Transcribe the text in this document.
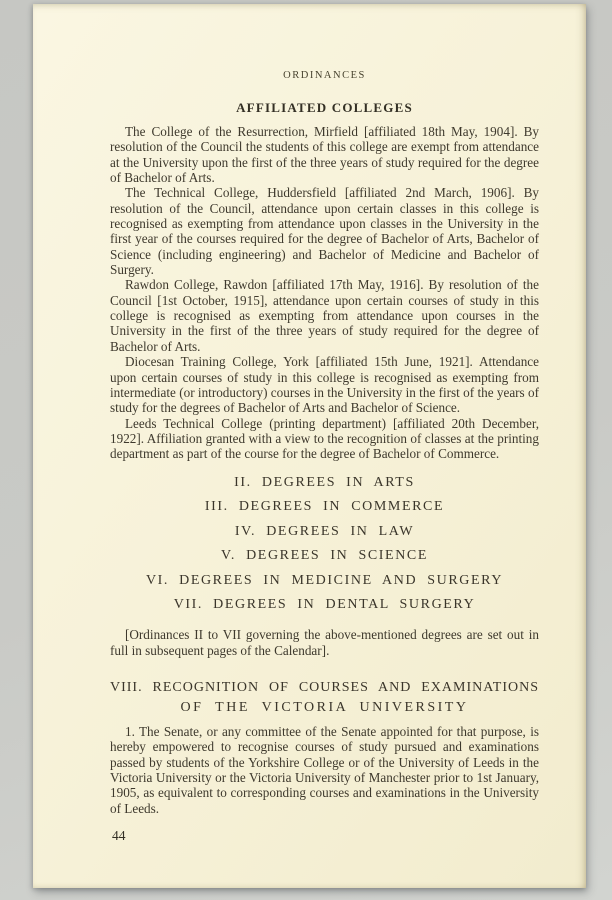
ORDINANCES
AFFILIATED COLLEGES

The College of the Resurrection, Mirfield [affiliated 18th May, 1904]. By resolution of the Council the students of this college are exempt from attendance at the University upon the first of the three years of study required for the degree of Bachelor of Arts.

The Technical College, Huddersfield [affiliated 2nd March, 1906]. By resolution of the Council, attendance upon certain classes in this college is recognised as exempting from attendance upon classes in the University in the first year of the courses required for the degree of Bachelor of Arts, Bachelor of Science (including engineering) and Bachelor of Medicine and Bachelor of Surgery.

Rawdon College, Rawdon [affiliated 17th May, 1916]. By resolution of the Council [1st October, 1915], attendance upon certain courses of study in this college is recognised as exempting from attendance upon courses in the University in the first of the three years of study required for the degree of Bachelor of Arts.

Diocesan Training College, York [affiliated 15th June, 1921]. Attendance upon certain courses of study in this college is recognised as exempting from intermediate (or introductory) courses in the University in the first of the years of study for the degrees of Bachelor of Arts and Bachelor of Science.

Leeds Technical College (printing department) [affiliated 20th December, 1922]. Affiliation granted with a view to the recognition of classes at the printing department as part of the course for the degree of Bachelor of Commerce.

II. DEGREES IN ARTS
III. DEGREES IN COMMERCE
IV. DEGREES IN LAW
V. DEGREES IN SCIENCE
VI. DEGREES IN MEDICINE AND SURGERY
VII. DEGREES IN DENTAL SURGERY

[Ordinances II to VII governing the above-mentioned degrees are set out in full in subsequent pages of the Calendar].

VIII. RECOGNITION OF COURSES AND EXAMINATIONS
OF THE VICTORIA UNIVERSITY

1. The Senate, or any committee of the Senate appointed for that purpose, is hereby empowered to recognise courses of study pursued and examinations passed by students of the Yorkshire College or of the University of Leeds in the Victoria University or the Victoria University of Manchester prior to 1st January, 1905, as equivalent to corresponding courses and examinations in the University of Leeds.

44
